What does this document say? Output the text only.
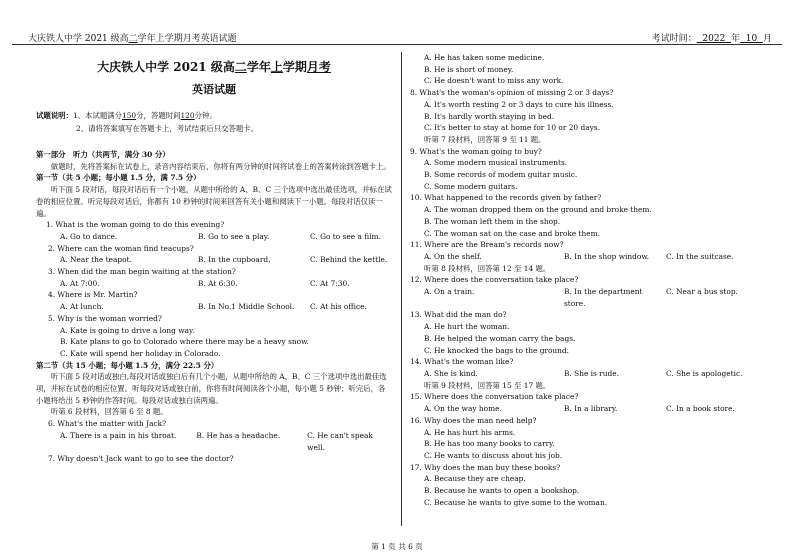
大庆铁人中学 2021 级高二学年上学期月考英语试题	考试时间： 2022 年 10 月
大庆铁人中学 2021 级高二学年上学期月考
英语试题
试题说明：1、本试题满分150分，答题时间120分钟。
2、请将答案填写在答题卡上，考试结束后只交答题卡。
第一部分　听力（共两节，满分 30 分）
做题时，先将答案标在试卷上，录音内容结束后，你将有两分钟的时间将试卷上的答案转涂到答题卡上。
第一节（共 5 小题；每小题 1.5 分，满 7.5 分）
听下面 5 段对话，每段对话后有一个小题，从题中所给的 A、B、C 三个选项中选出最佳选项，并标在试卷的相应位置。听完每段对话后，你都有 10 秒钟的时间来回答有关小题和阅读下一小题。每段对话仅读一遍。
1. What is the woman going to do this evening?
A. Go to dance.	B. Go to see a play.	C. Go to see a film.
2. Where can the woman find teacups?
A. Near the teapot.	B. In the cupboard.	C. Behind the kettle.
3. When did the man begin waiting at the station?
A. At 7:00.	B. At 6:30.	C. At 7:30.
4. Where is Mr. Martin?
A. At lunch.	B. In No.1 Middle School.	C. At his office.
5. Why is the woman worried?
A. Kate is going to drive a long way.
B. Kate plans to go to Colorado where there may be a heavy snow.
C. Kate will spend her holiday in Colorado.
第二节（共 15 小题；每小题 1.5 分，满分 22.5 分）
听下面 5 段对话或独白,每段对话或独白后有几个小题，从题中所给的 A、B、C 三个选项中选出最佳选项，并标在试卷的相应位置。听每段对话或独白前，你将有时间阅读各个小题，每小题 5 秒钟；听完后，各小题将给出 5 秒钟的作答时间。每段对话或独白读两遍。
听第 6 段材料，回答第 6 至 8 题。
6. What's the matter with Jack?
A. There is a pain in his throat.	B. He has a headache.	C. He can't speak well.
7. Why doesn't Jack want to go to see the doctor?
A. He has taken some medicine.
B. He is short of money.
C. He doesn't want to miss any work.
8. What's the woman's opinion of missing 2 or 3 days?
A. It's worth resting 2 or 3 days to cure his illness.
B. It's hardly worth staying in bed.
C. It's better to stay at home for 10 or 20 days.
听第 7 段材料，回答第 9 至 11 题。
9. What's the woman going to buy?
A. Some modern musical instruments.
B. Some records of modem guitar music.
C. Some modern guitars.
10. What happened to the records given by father?
A. The woman dropped them on the ground and broke them.
B. The woman left them in the shop.
C. The woman sat on the case and broke them.
11. Where are the Bream's records now?
A. On the shelf.	B. In the shop window.	C. In the suitcase.
听第 8 段材料，回答第 12 至 14 题。
12. Where does the conversation take place?
A. On a train.	B. In the department store.
C. Near a bus stop.
13. What did the man do?
A. He hurt the woman.
B. He helped the woman carry the bags.
C. He knocked the bags to the ground.
14. What's the woman like?
A. She is kind.	B. She is rude.	C. She is apologetic.
听第 9 段材料，回答第 15 至 17 题。
15. Where does the conversation take place?
A. On the way home.	B. In a library.	C. In a book store.
16. Why does the man need help?
A. He has hurt his arms.
B. He has too many books to carry.
C. He wants to discuss about his job.
17. Why does the man buy these books?
A. Because they are cheap.
B. Because he wants to open a bookshop.
C. Because he wants to give some to the woman.
第 1 页 共 6 页
